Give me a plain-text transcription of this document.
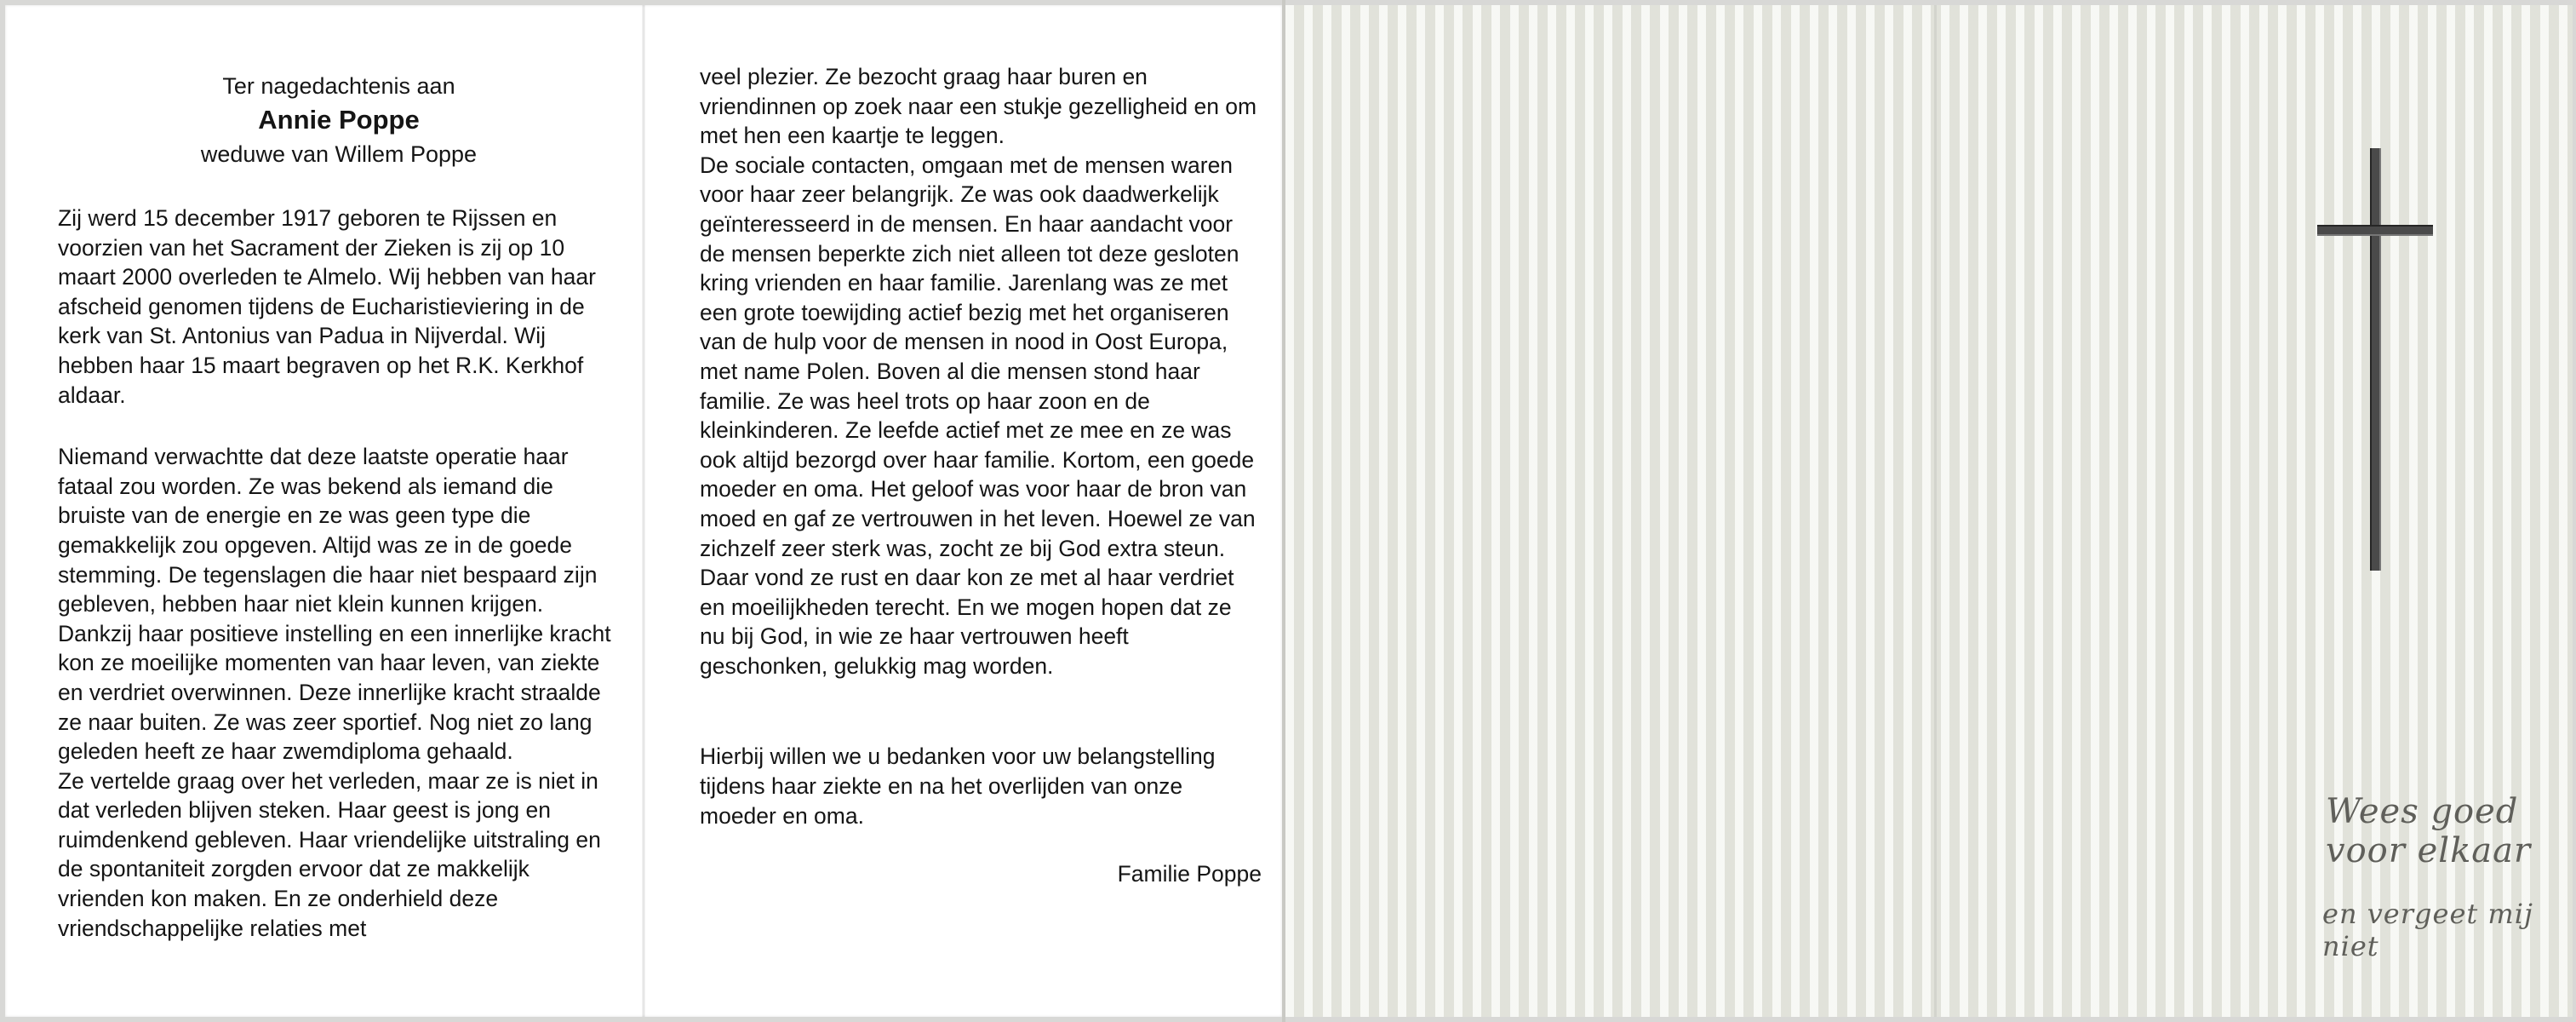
Ter nagedachtenis aan
Annie Poppe
weduwe van Willem Poppe

Zij werd 15 december 1917 geboren te Rijssen en voorzien van het Sacrament der Zieken is zij op 10 maart 2000 overleden te Almelo. Wij hebben van haar afscheid genomen tijdens de Eucharistieviering in de kerk van St. Antonius van Padua in Nijverdal. Wij hebben haar 15 maart begraven op het R.K. Kerkhof aldaar.

Niemand verwachtte dat deze laatste operatie haar fataal zou worden. Ze was bekend als iemand die bruiste van de energie en ze was geen type die gemakkelijk zou opgeven. Altijd was ze in de goede stemming. De tegenslagen die haar niet bespaard zijn gebleven, hebben haar niet klein kunnen krijgen. Dankzij haar positieve instelling en een innerlijke kracht kon ze moeilijke momenten van haar leven, van ziekte en verdriet overwinnen. Deze innerlijke kracht straalde ze naar buiten. Ze was zeer sportief. Nog niet zo lang geleden heeft ze haar zwemdiploma gehaald.

Ze vertelde graag over het verleden, maar ze is niet in dat verleden blijven steken. Haar geest is jong en ruimdenkend gebleven. Haar vriendelijke uitstraling en de spontaniteit zorgden ervoor dat ze makkelijk vrienden kon maken. En ze onderhield deze vriendschappelijke relaties met

veel plezier. Ze bezocht graag haar buren en vriendinnen op zoek naar een stukje gezelligheid en om met hen een kaartje te leggen.

De sociale contacten, omgaan met de mensen waren voor haar zeer belangrijk. Ze was ook daadwerkelijk geïnteresseerd in de mensen. En haar aandacht voor de mensen beperkte zich niet alleen tot deze gesloten kring vrienden en haar familie. Jarenlang was ze met een grote toewijding actief bezig met het organiseren van de hulp voor de mensen in nood in Oost Europa, met name Polen. Boven al die mensen stond haar familie. Ze was heel trots op haar zoon en de kleinkinderen. Ze leefde actief met ze mee en ze was ook altijd bezorgd over haar familie. Kortom, een goede moeder en oma. Het geloof was voor haar de bron van moed en gaf ze vertrouwen in het leven. Hoewel ze van zichzelf zeer sterk was, zocht ze bij God extra steun. Daar vond ze rust en daar kon ze met al haar verdriet en moeilijkheden terecht. En we mogen hopen dat ze nu bij God, in wie ze haar vertrouwen heeft geschonken, gelukkig mag worden.

Hierbij willen we u bedanken voor uw belangstelling tijdens haar ziekte en na het overlijden van onze moeder en oma.

Familie Poppe
Wees goed voor elkaar
en vergeet mij niet
